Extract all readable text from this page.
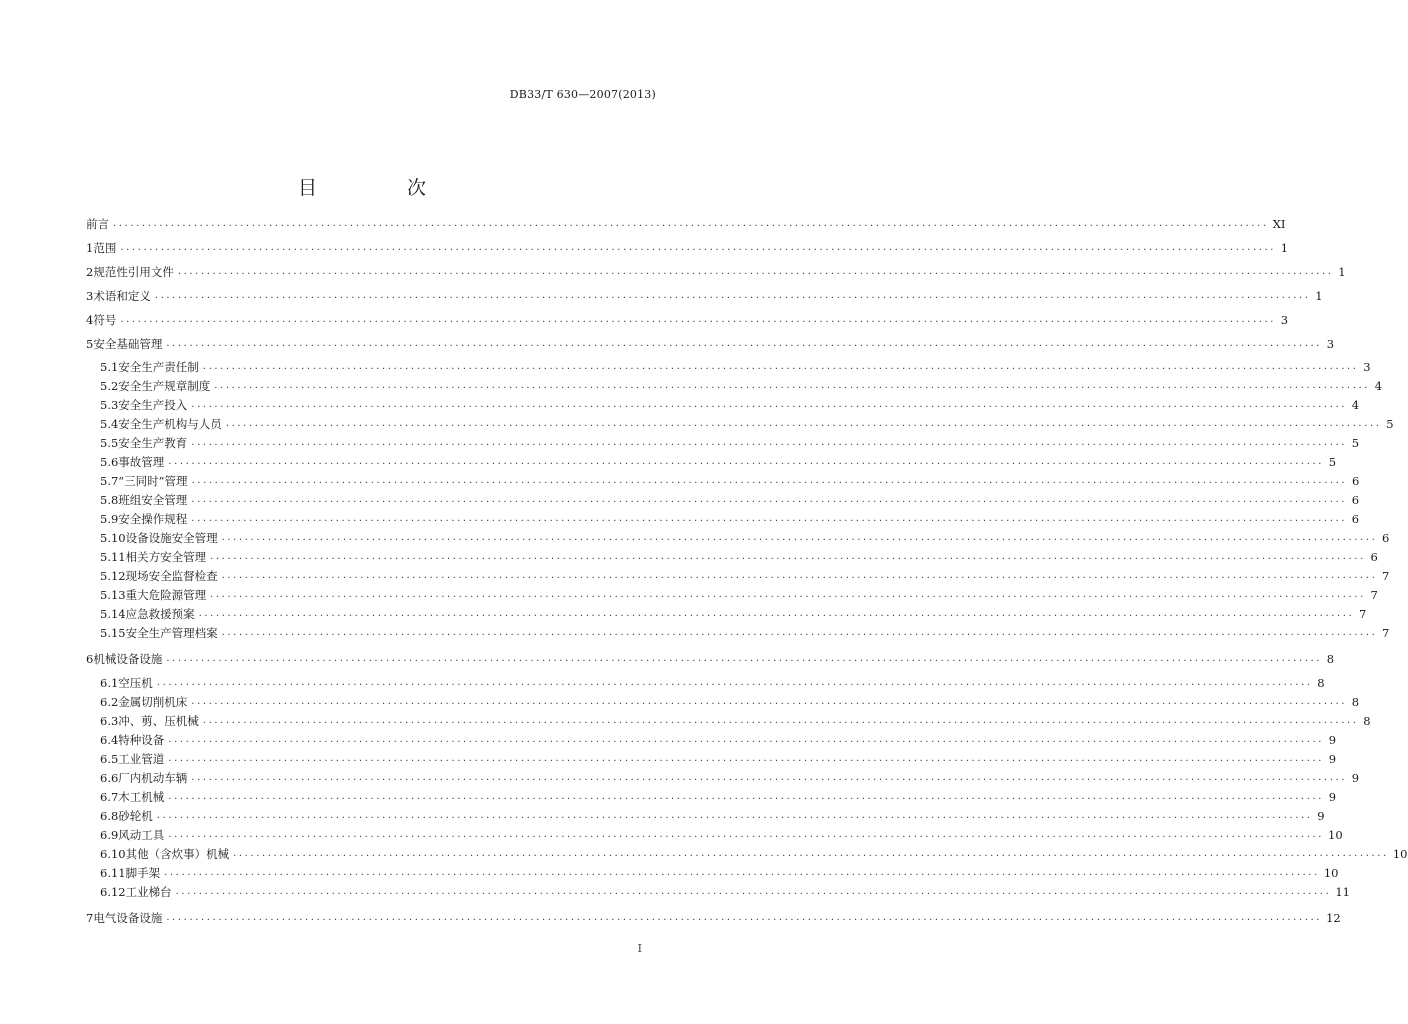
DB33/T 630—2007(2013)
目 次
前言 ........................................................................................................................................................................................................ XI
1 范围 ........................................................................................................................................................................................................ 1
2 规范性引用文件 ........................................................................................................................................................................................................ 1
3 术语和定义 ........................................................................................................................................................................................................ 1
4 符号 ........................................................................................................................................................................................................ 3
5 安全基础管理 ........................................................................................................................................................................................................ 3
5.1 安全生产责任制 ........................................................................................................................................................................................................ 3
5.2 安全生产规章制度 ........................................................................................................................................................................................................ 4
5.3 安全生产投入 ........................................................................................................................................................................................................ 4
5.4 安全生产机构与人员 ........................................................................................................................................................................................................ 5
5.5 安全生产教育 ........................................................................................................................................................................................................ 5
5.6 事故管理 ........................................................................................................................................................................................................ 5
5.7 “三同时”管理 ........................................................................................................................................................................................................ 6
5.8 班组安全管理 ........................................................................................................................................................................................................ 6
5.9 安全操作规程 ........................................................................................................................................................................................................ 6
5.10 设备设施安全管理 ........................................................................................................................................................................................................ 6
5.11 相关方安全管理 ........................................................................................................................................................................................................ 6
5.12 现场安全监督检查 ........................................................................................................................................................................................................ 7
5.13 重大危险源管理 ........................................................................................................................................................................................................ 7
5.14 应急救援预案 ........................................................................................................................................................................................................ 7
5.15 安全生产管理档案 ........................................................................................................................................................................................................ 7
6 机械设备设施 ........................................................................................................................................................................................................ 8
6.1 空压机 ........................................................................................................................................................................................................ 8
6.2 金属切削机床 ........................................................................................................................................................................................................ 8
6.3 冲、剪、压机械 ........................................................................................................................................................................................................ 8
6.4 特种设备 ........................................................................................................................................................................................................ 9
6.5 工业管道 ........................................................................................................................................................................................................ 9
6.6 厂内机动车辆 ........................................................................................................................................................................................................ 9
6.7 木工机械 ........................................................................................................................................................................................................ 9
6.8 砂轮机 ........................................................................................................................................................................................................ 9
6.9 风动工具 ........................................................................................................................................................................................................ 10
6.10 其他（含炊事）机械 ........................................................................................................................................................................................................ 10
6.11 脚手架 ........................................................................................................................................................................................................ 10
6.12 工业梯台 ........................................................................................................................................................................................................ 11
7 电气设备设施 ........................................................................................................................................................................................................ 12
I
